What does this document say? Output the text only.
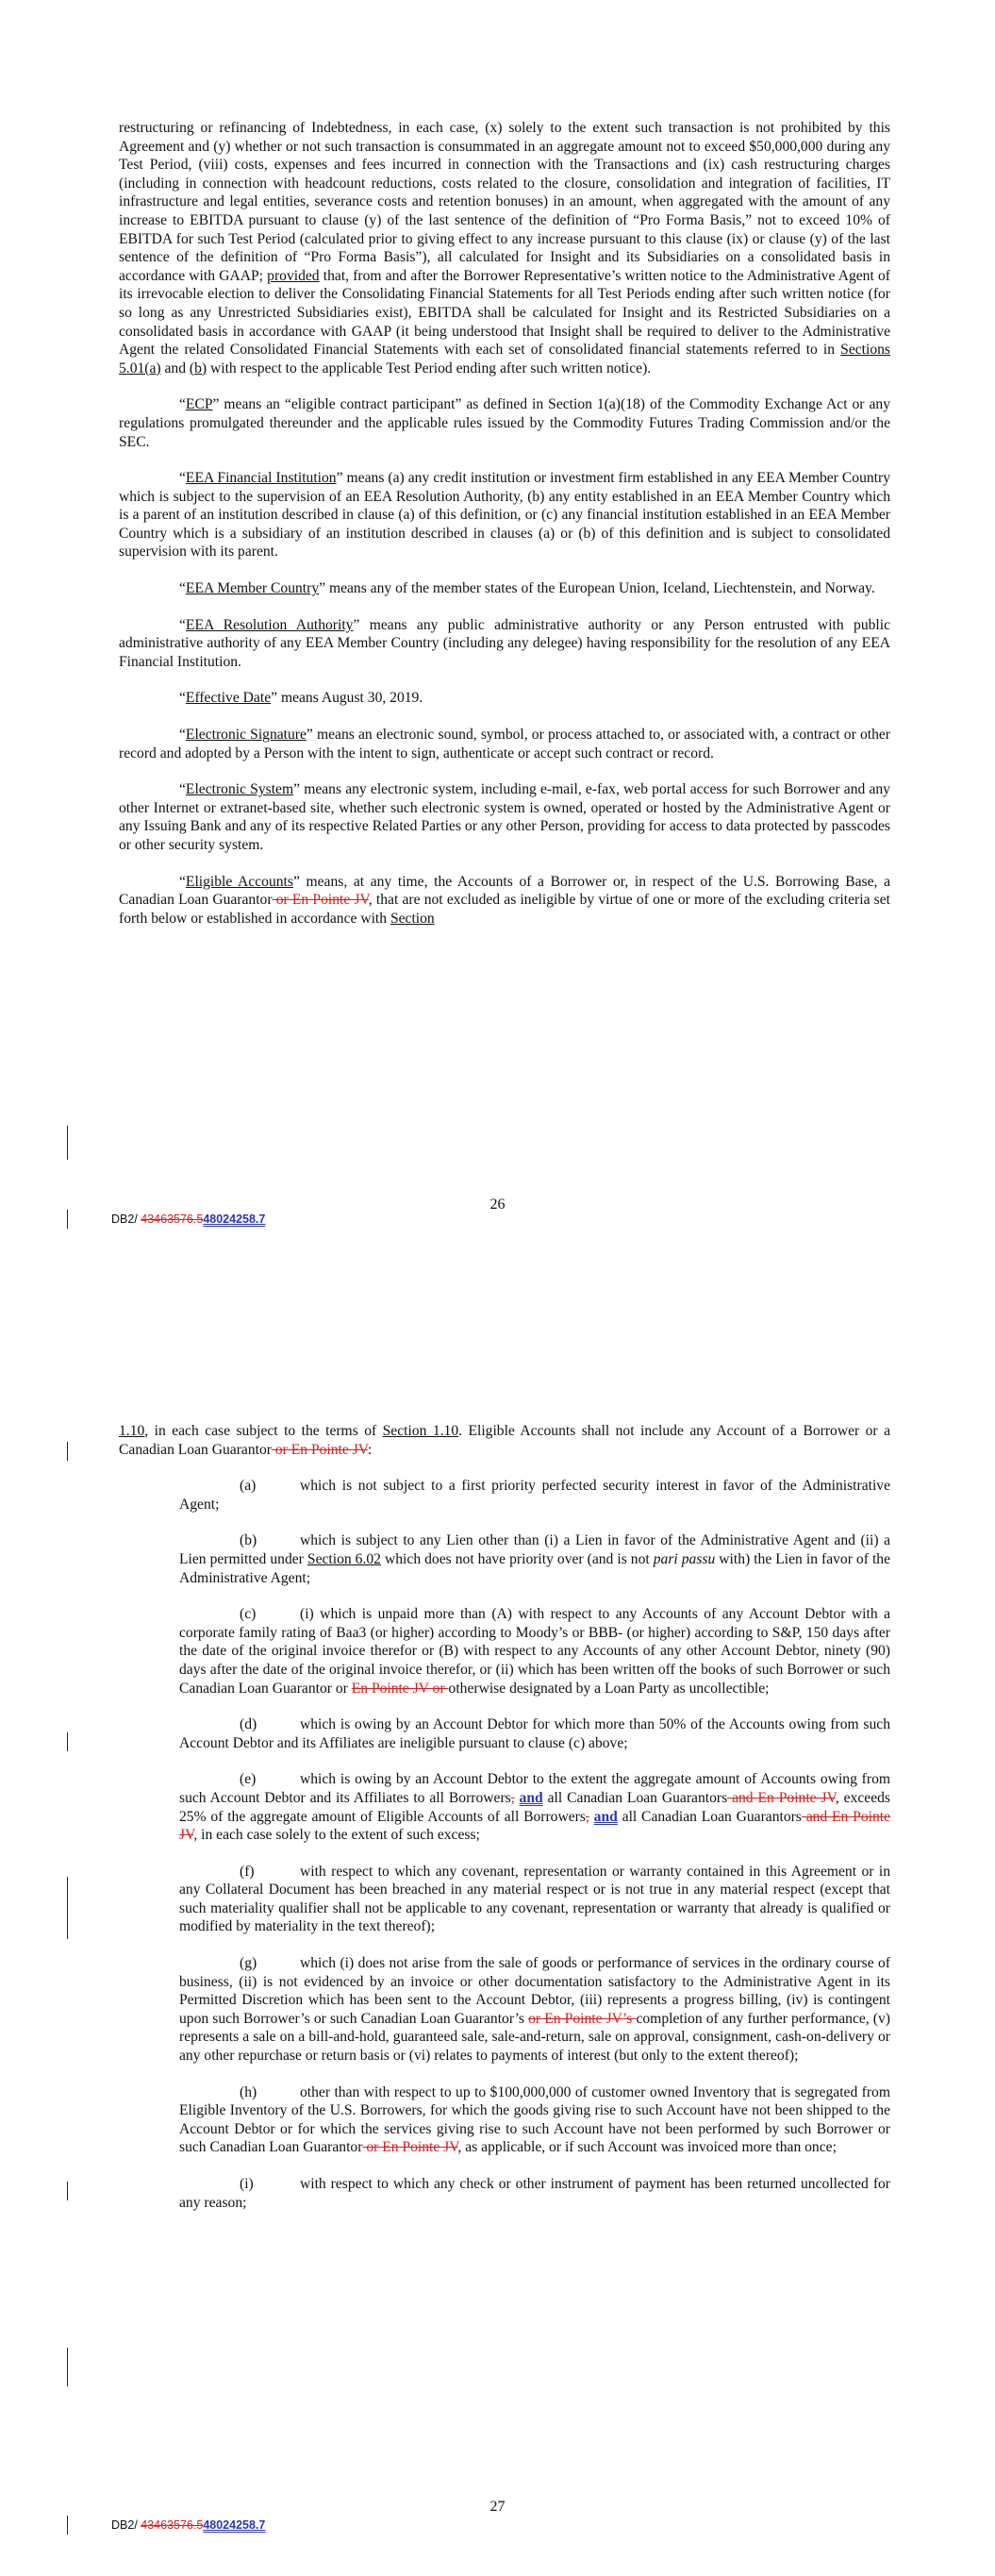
restructuring or refinancing of Indebtedness, in each case, (x) solely to the extent such transaction is not prohibited by this Agreement and (y) whether or not such transaction is consummated in an aggregate amount not to exceed $50,000,000 during any Test Period, (viii) costs, expenses and fees incurred in connection with the Transactions and (ix) cash restructuring charges (including in connection with headcount reductions, costs related to the closure, consolidation and integration of facilities, IT infrastructure and legal entities, severance costs and retention bonuses) in an amount, when aggregated with the amount of any increase to EBITDA pursuant to clause (y) of the last sentence of the definition of “Pro Forma Basis,” not to exceed 10% of EBITDA for such Test Period (calculated prior to giving effect to any increase pursuant to this clause (ix) or clause (y) of the last sentence of the definition of “Pro Forma Basis”), all calculated for Insight and its Subsidiaries on a consolidated basis in accordance with GAAP; provided that, from and after the Borrower Representative’s written notice to the Administrative Agent of its irrevocable election to deliver the Consolidating Financial Statements for all Test Periods ending after such written notice (for so long as any Unrestricted Subsidiaries exist), EBITDA shall be calculated for Insight and its Restricted Subsidiaries on a consolidated basis in accordance with GAAP (it being understood that Insight shall be required to deliver to the Administrative Agent the related Consolidated Financial Statements with each set of consolidated financial statements referred to in Sections 5.01(a) and (b) with respect to the applicable Test Period ending after such written notice).

“ECP” means an “eligible contract participant” as defined in Section 1(a)(18) of the Commodity Exchange Act or any regulations promulgated thereunder and the applicable rules issued by the Commodity Futures Trading Commission and/or the SEC.

“EEA Financial Institution” means (a) any credit institution or investment firm established in any EEA Member Country which is subject to the supervision of an EEA Resolution Authority, (b) any entity established in an EEA Member Country which is a parent of an institution described in clause (a) of this definition, or (c) any financial institution established in an EEA Member Country which is a subsidiary of an institution described in clauses (a) or (b) of this definition and is subject to consolidated supervision with its parent.

“EEA Member Country” means any of the member states of the European Union, Iceland, Liechtenstein, and Norway.

“EEA Resolution Authority” means any public administrative authority or any Person entrusted with public administrative authority of any EEA Member Country (including any delegee) having responsibility for the resolution of any EEA Financial Institution.

“Effective Date” means August 30, 2019.

“Electronic Signature” means an electronic sound, symbol, or process attached to, or associated with, a contract or other record and adopted by a Person with the intent to sign, authenticate or accept such contract or record.

“Electronic System” means any electronic system, including e-mail, e-fax, web portal access for such Borrower and any other Internet or extranet-based site, whether such electronic system is owned, operated or hosted by the Administrative Agent or any Issuing Bank and any of its respective Related Parties or any other Person, providing for access to data protected by passcodes or other security system.

“Eligible Accounts” means, at any time, the Accounts of a Borrower or, in respect of the U.S. Borrowing Base, a Canadian Loan Guarantor or En Pointe JV, that are not excluded as ineligible by virtue of one or more of the excluding criteria set forth below or established in accordance with Section

26
DB2/ 43463576.548024258.7

1.10, in each case subject to the terms of Section 1.10. Eligible Accounts shall not include any Account of a Borrower or a Canadian Loan Guarantor or En Pointe JV:

(a)	which is not subject to a first priority perfected security interest in favor of the Administrative Agent;

(b)	which is subject to any Lien other than (i) a Lien in favor of the Administrative Agent and (ii) a Lien permitted under Section 6.02 which does not have priority over (and is not pari passu with) the Lien in favor of the Administrative Agent;

(c)	(i) which is unpaid more than (A) with respect to any Accounts of any Account Debtor with a corporate family rating of Baa3 (or higher) according to Moody’s or BBB- (or higher) according to S&P, 150 days after the date of the original invoice therefor or (B) with respect to any Accounts of any other Account Debtor, ninety (90) days after the date of the original invoice therefor, or (ii) which has been written off the books of such Borrower or such Canadian Loan Guarantor or En Pointe JV or otherwise designated by a Loan Party as uncollectible;

(d)	which is owing by an Account Debtor for which more than 50% of the Accounts owing from such Account Debtor and its Affiliates are ineligible pursuant to clause (c) above;

(e)	which is owing by an Account Debtor to the extent the aggregate amount of Accounts owing from such Account Debtor and its Affiliates to all Borrowers, and all Canadian Loan Guarantors and En Pointe JV, exceeds 25% of the aggregate amount of Eligible Accounts of all Borrowers, and all Canadian Loan Guarantors and En Pointe JV, in each case solely to the extent of such excess;

(f)	with respect to which any covenant, representation or warranty contained in this Agreement or in any Collateral Document has been breached in any material respect or is not true in any material respect (except that such materiality qualifier shall not be applicable to any covenant, representation or warranty that already is qualified or modified by materiality in the text thereof);

(g)	which (i) does not arise from the sale of goods or performance of services in the ordinary course of business, (ii) is not evidenced by an invoice or other documentation satisfactory to the Administrative Agent in its Permitted Discretion which has been sent to the Account Debtor, (iii) represents a progress billing, (iv) is contingent upon such Borrower’s or such Canadian Loan Guarantor’s or En Pointe JV’s completion of any further performance, (v) represents a sale on a bill-and-hold, guaranteed sale, sale-and-return, sale on approval, consignment, cash-on-delivery or any other repurchase or return basis or (vi) relates to payments of interest (but only to the extent thereof);

(h)	other than with respect to up to $100,000,000 of customer owned Inventory that is segregated from Eligible Inventory of the U.S. Borrowers, for which the goods giving rise to such Account have not been shipped to the Account Debtor or for which the services giving rise to such Account have not been performed by such Borrower or such Canadian Loan Guarantor or En Pointe JV, as applicable, or if such Account was invoiced more than once;

(i)	with respect to which any check or other instrument of payment has been returned uncollected for any reason;

27
DB2/ 43463576.548024258.7
